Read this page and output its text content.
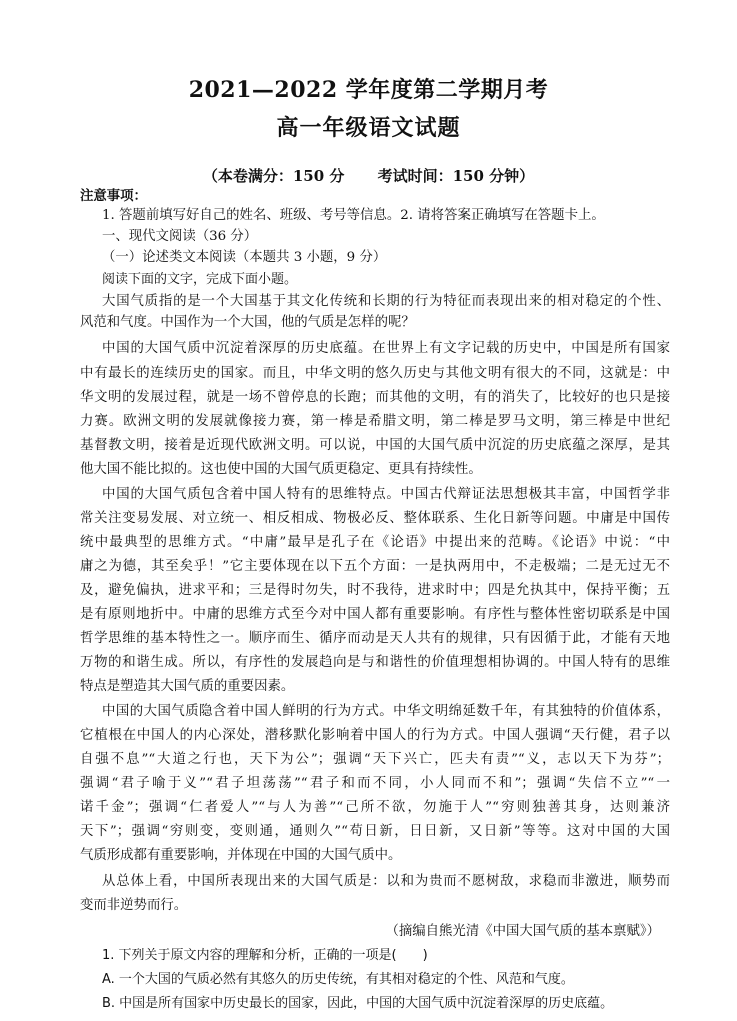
2021—2022 学年度第二学期月考
高一年级语文试题
（本卷满分：150 分 考试时间：150 分钟）
注意事项：
1. 答题前填写好自己的姓名、班级、考号等信息。2. 请将答案正确填写在答题卡上。
一、现代文阅读（36 分）
（一）论述类文本阅读（本题共 3 小题，9 分）
阅读下面的文字，完成下面小题。
大国气质指的是一个大国基于其文化传统和长期的行为特征而表现出来的相对稳定的个性、
风范和气度。中国作为一个大国，他的气质是怎样的呢？
中国的大国气质中沉淀着深厚的历史底蕴。在世界上有文字记载的历史中，中国是所有国家
中有最长的连续历史的国家。而且，中华文明的悠久历史与其他文明有很大的不同，这就是：中
华文明的发展过程，就是一场不曾停息的长跑；而其他的文明，有的消失了，比较好的也只是接
力赛。欧洲文明的发展就像接力赛，第一棒是希腊文明，第二棒是罗马文明，第三棒是中世纪
基督教文明，接着是近现代欧洲文明。可以说，中国的大国气质中沉淀的历史底蕴之深厚，是其
他大国不能比拟的。这也使中国的大国气质更稳定、更具有持续性。
中国的大国气质包含着中国人特有的思维特点。中国古代辩证法思想极其丰富，中国哲学非
常关注变易发展、对立统一、相反相成、物极必反、整体联系、生化日新等问题。中庸是中国传
统中最典型的思维方式。“中庸”最早是孔子在《论语》中提出来的范畴。《论语》中说：“中
庸之为德，其至矣乎！”它主要体现在以下五个方面：一是执两用中，不走极端；二是无过无不
及，避免偏执，进求平和；三是得时勿失，时不我待，进求时中；四是允执其中，保持平衡；五
是有原则地折中。中庸的思维方式至今对中国人都有重要影响。有序性与整体性密切联系是中国
哲学思维的基本特性之一。顺序而生、循序而动是天人共有的规律，只有因循于此，才能有天地
万物的和谐生成。所以，有序性的发展趋向是与和谐性的价值理想相协调的。中国人特有的思维
特点是塑造其大国气质的重要因素。
中国的大国气质隐含着中国人鲜明的行为方式。中华文明绵延数千年，有其独特的价值体系，
它植根在中国人的内心深处，潜移默化影响着中国人的行为方式。中国人强调“天行健，君子以
自强不息”“大道之行也，天下为公”；强调“天下兴亡，匹夫有责”“义，志以天下为芬”；
强调“君子喻于义”“君子坦荡荡”“君子和而不同，小人同而不和”；强调“失信不立”“一
诺千金”；强调“仁者爱人”“与人为善”“己所不欲，勿施于人”“穷则独善其身，达则兼济
天下”；强调“穷则变，变则通，通则久”“苟日新，日日新，又日新”等等。这对中国的大国
气质形成都有重要影响，并体现在中国的大国气质中。
从总体上看，中国所表现出来的大国气质是：以和为贵而不愿树敌，求稳而非激进，顺势而
变而非逆势而行。
（摘编自熊光清《中国大国气质的基本禀赋》）
1. 下列关于原文内容的理解和分析，正确的一项是(　　)
A. 一个大国的气质必然有其悠久的历史传统，有其相对稳定的个性、风范和气度。
B. 中国是所有国家中历史最长的国家，因此，中国的大国气质中沉淀着深厚的历史底蕴。
